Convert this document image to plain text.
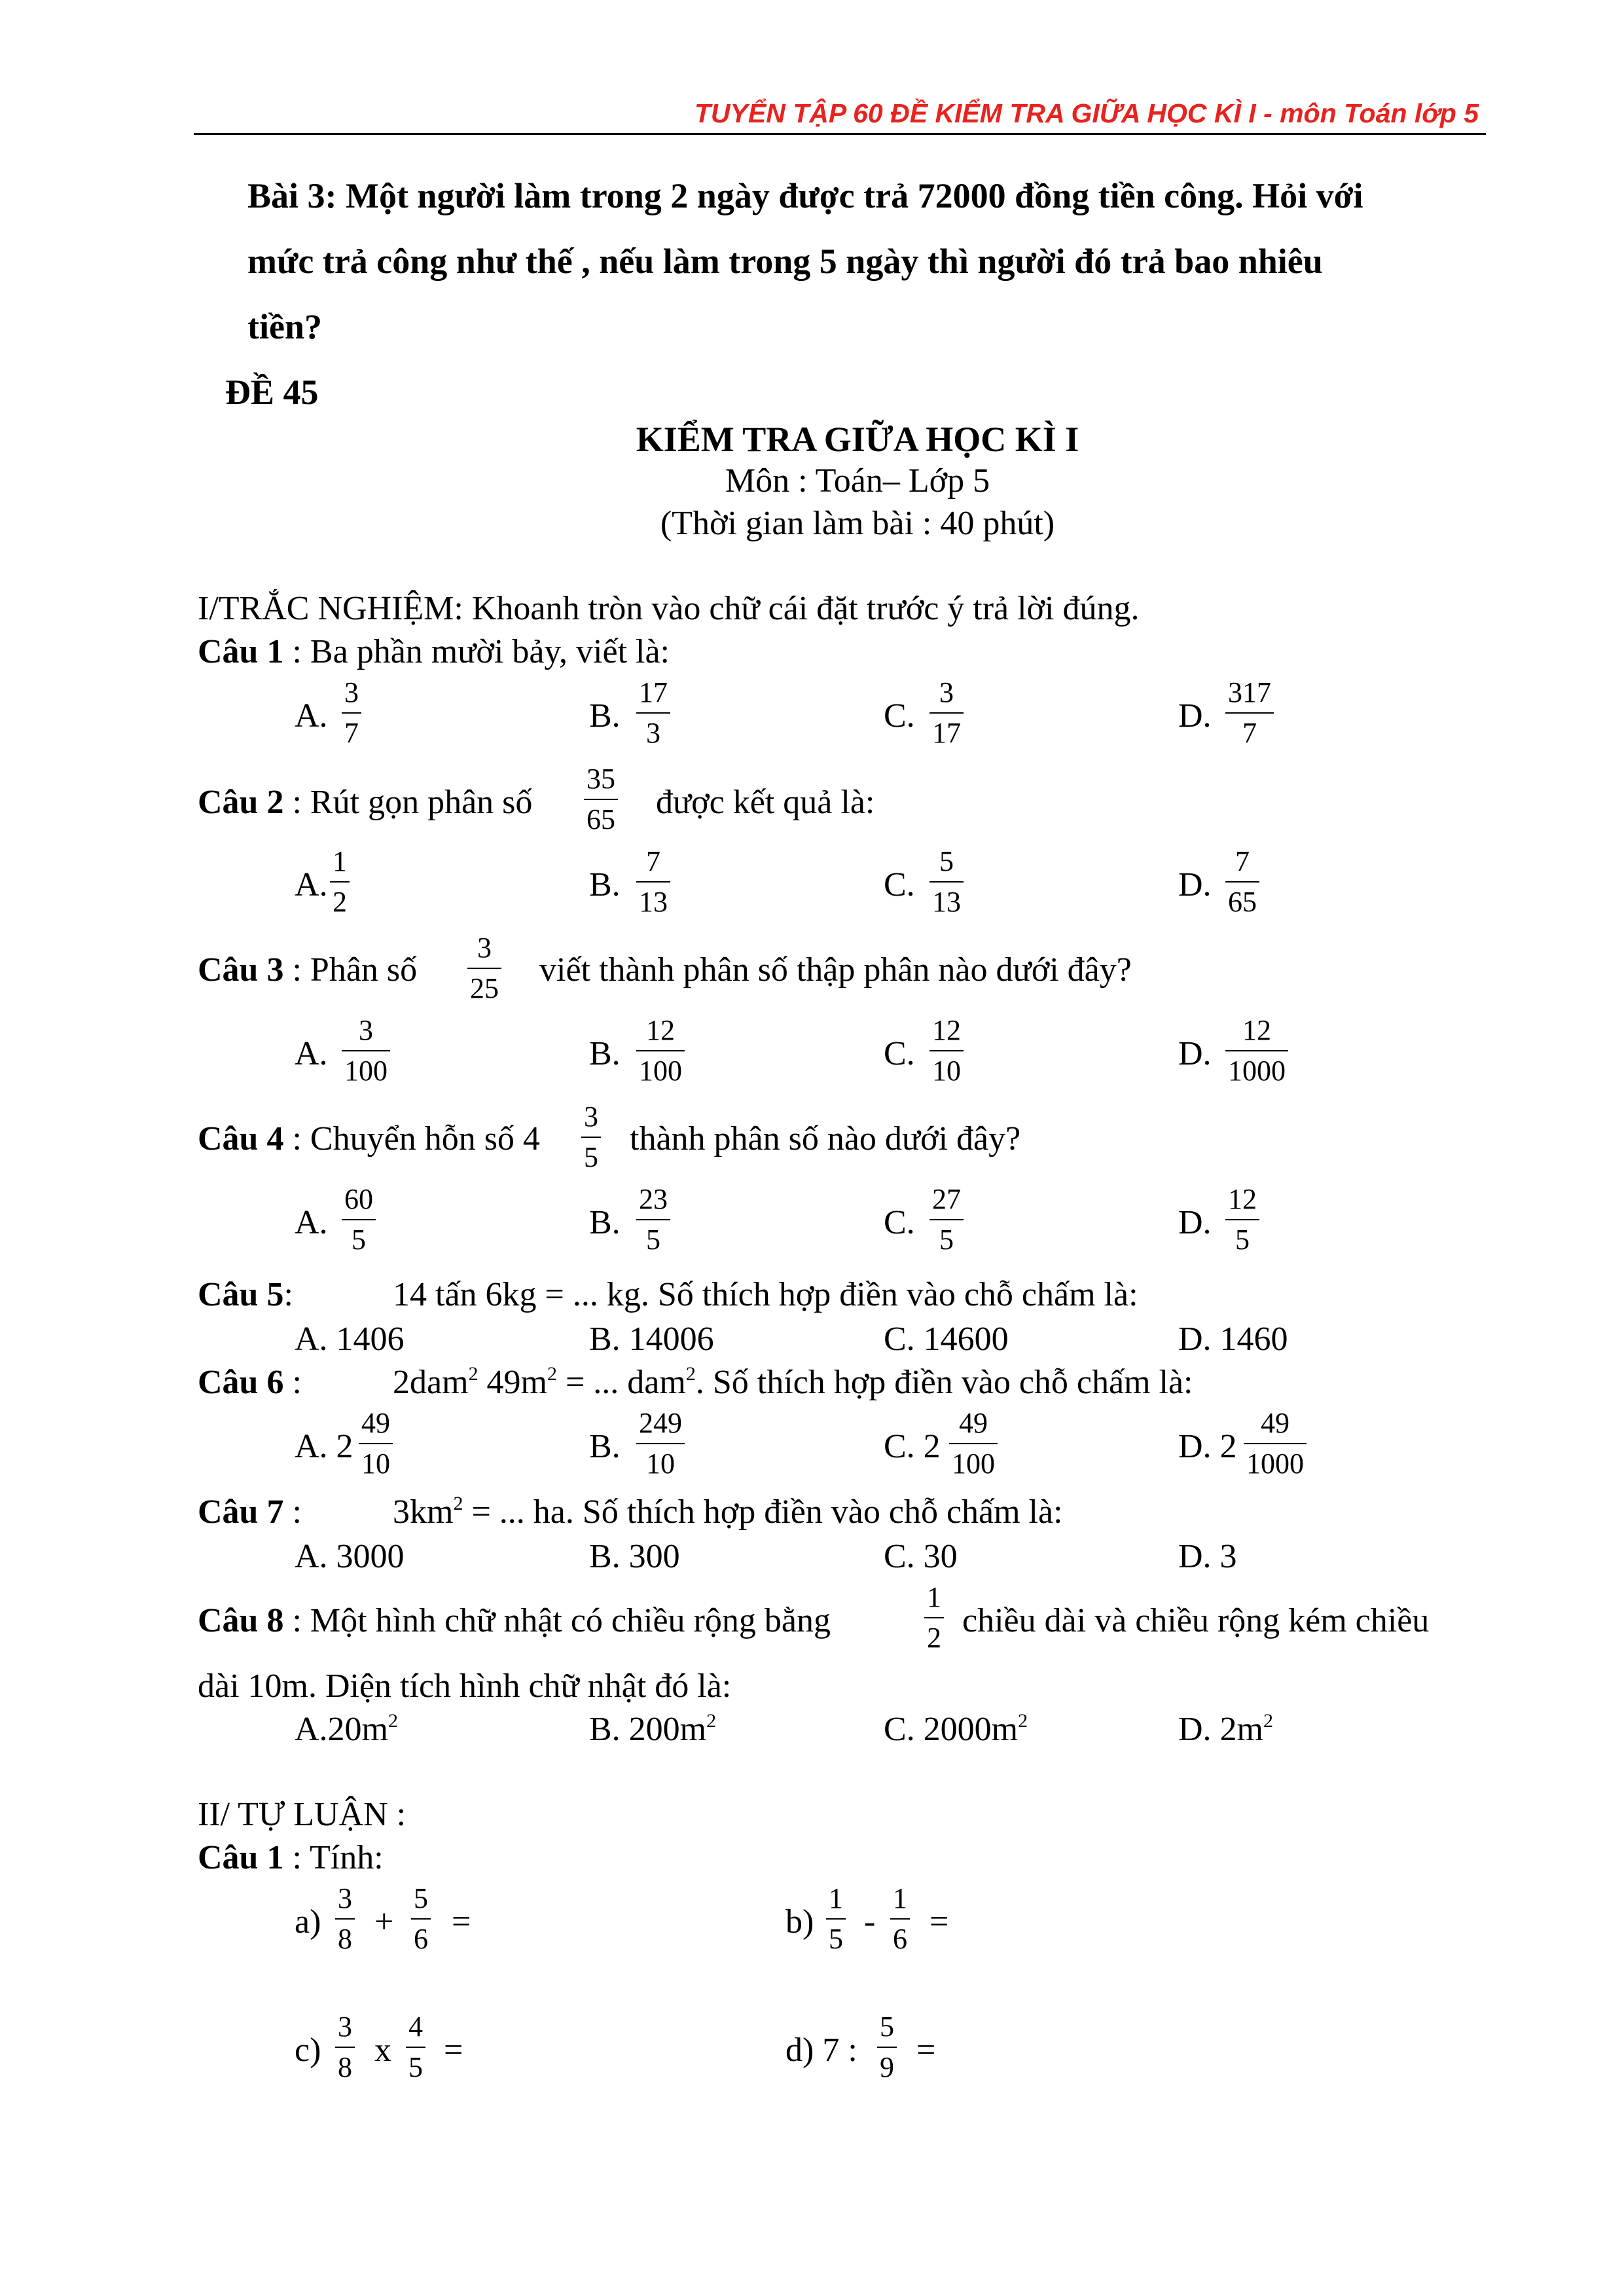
TUYỂN TẬP 60 ĐỀ KIỂM TRA GIỮA HỌC KÌ I - môn Toán lớp 5
Bài 3: Một người làm trong 2 ngày được trả 72000 đồng tiền công. Hỏi với
mức trả công như thế , nếu làm trong 5 ngày thì người đó trả bao nhiêu
tiền?
ĐỀ 45
KIỂM TRA GIỮA HỌC KÌ I
Môn : Toán– Lớp 5
(Thời gian làm bài : 40 phút)
I/TRẮC NGHIỆM: Khoanh tròn vào chữ cái đặt trước ý trả lời đúng.
Câu 1 : Ba phần mười bảy, viết là:
A.
3
7	B.
17
3	C.
3
17	D.
317
7
Câu 2 : Rút gọn phân số
35
65 được kết quả là:
A.
1
2	B.
7
13	C.
5
13	D.
7
65
Câu 3 : Phân số
3
25 viết thành phân số thập phân nào dưới đây?
A.
3
100	B.
12
100	C.
12
10	D.
12
1000
Câu 4 : Chuyển hỗn số 4
3
5 thành phân số nào dưới đây?
A.
60
5	B.
23
5	C.
27
5	D.
12
5
Câu 5:	14 tấn 6kg = ... kg. Số thích hợp điền vào chỗ chấm là:
A. 1406	B. 14006	C. 14600	D. 1460
Câu 6 :	2dam$^2$ $49m^2$ = ... dam$^2$. Số thích hợp điền vào chỗ chấm là:
A. 2
49
10	B.
249
10	C. 2
49
100	D. 2
49
1000
Câu 7 :	$3km^2$ = ... ha. Số thích hợp điền vào chỗ chấm là:
A. 3000	B. 300	C. 30	D. 3
Câu 8 : Một hình chữ nhật có chiều rộng bằng
1
2 chiều dài và chiều rộng kém chiều
dài 10m. Diện tích hình chữ nhật đó là:
$A.20m^2$	B. $200m^2$	C. $2000m^2$	D. $2m^2$
II/ TỰ LUẬN :
Câu 1 : Tính:
a)
3
8 +
5
6 =	b)
1
5 -
1
6 =
c)
3
8 x
4
5 =	d) 7 :
5
9 =
